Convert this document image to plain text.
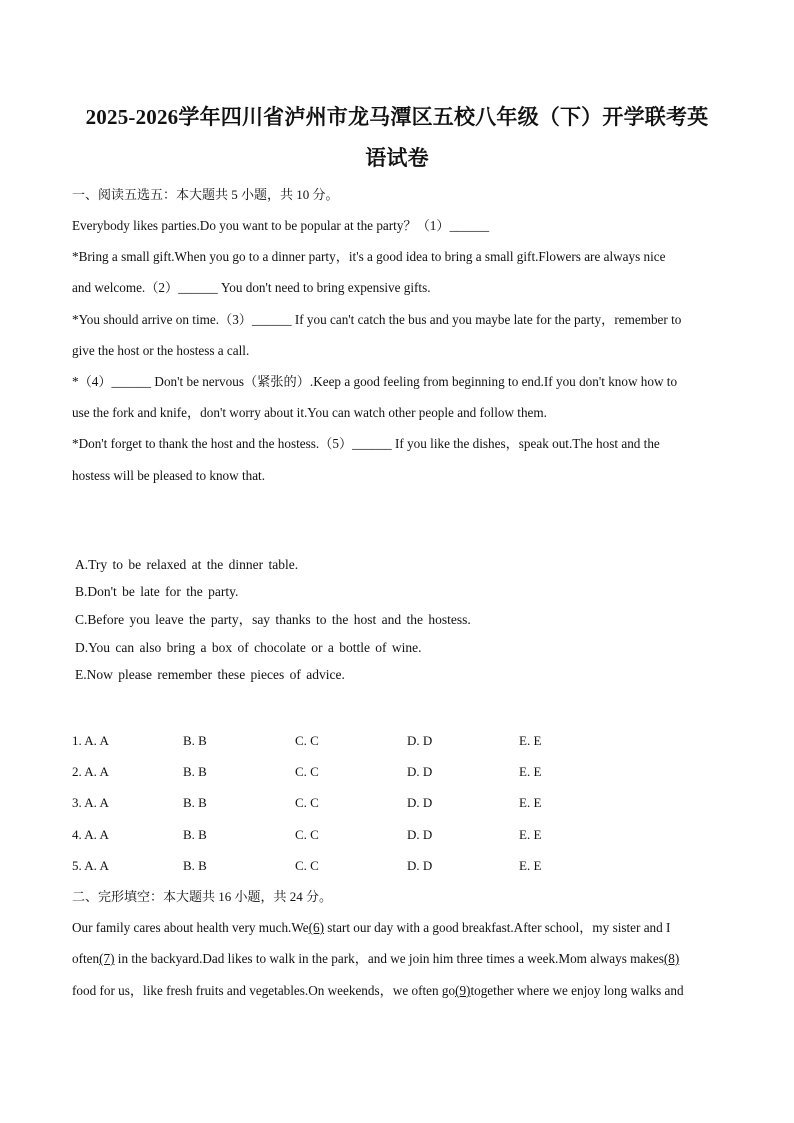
2025-2026学年四川省泸州市龙马潭区五校八年级（下）开学联考英
语试卷
一、阅读五选五：本大题共 5 小题，共 10 分。
Everybody likes parties.Do you want to be popular at the party？（1）______
*Bring a small gift.When you go to a dinner party，it's a good idea to bring a small gift.Flowers are always nice
and welcome.（2）______ You don't need to bring expensive gifts.
*You should arrive on time.（3）______ If you can't catch the bus and you maybe late for the party，remember to
give the host or the hostess a call.
*（4）______ Don't be nervous（紧张的）.Keep a good feeling from beginning to end.If you don't know how to
use the fork and knife，don't worry about it.You can watch other people and follow them.
*Don't forget to thank the host and the hostess.（5）______ If you like the dishes，speak out.The host and the
hostess will be pleased to know that.
A.Try to be relaxed at the dinner table.
B.Don't be late for the party.
C.Before you leave the party，say thanks to the host and the hostess.
D.You can also bring a box of chocolate or a bottle of wine.
E.Now please remember these pieces of advice.
1. A. A	B. B	C. C	D. D	E. E
2. A. A	B. B	C. C	D. D	E. E
3. A. A	B. B	C. C	D. D	E. E
4. A. A	B. B	C. C	D. D	E. E
5. A. A	B. B	C. C	D. D	E. E
二、完形填空：本大题共 16 小题，共 24 分。
Our family cares about health very much.We(6) start our day with a good breakfast.After school，my sister and I
often(7) in the backyard.Dad likes to walk in the park，and we join him three times a week.Mom always makes(8)
food for us，like fresh fruits and vegetables.On weekends，we often go(9)together where we enjoy long walks and
